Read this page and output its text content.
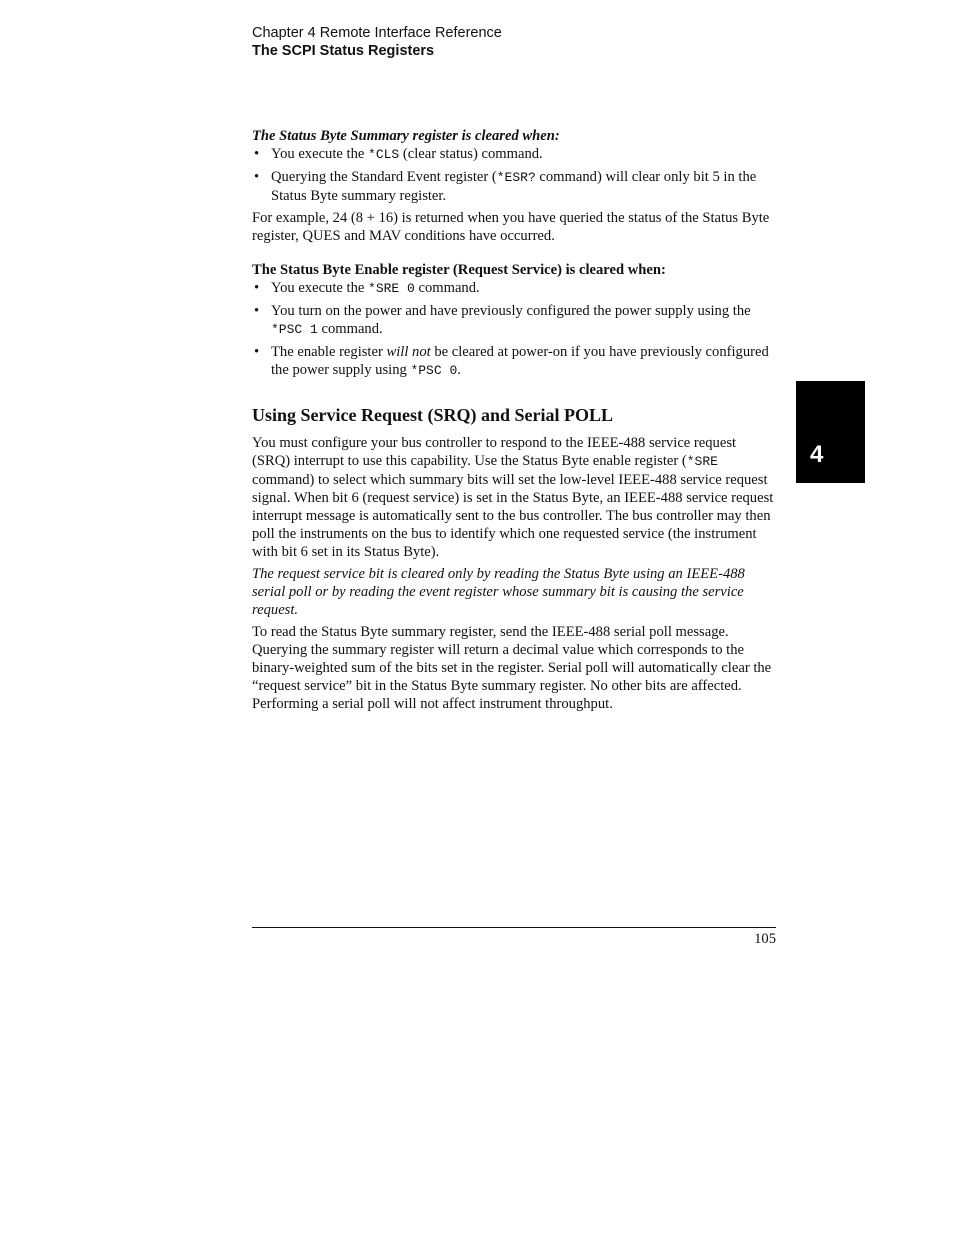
Chapter 4 Remote Interface Reference
The SCPI Status Registers

The Status Byte Summary register is cleared when:

• You execute the *CLS (clear status) command.
• Querying the Standard Event register (*ESR? command) will clear only bit 5 in the Status Byte summary register.

For example, 24 (8 + 16) is returned when you have queried the status of the Status Byte register, QUES and MAV conditions have occurred.

The Status Byte Enable register (Request Service) is cleared when:

• You execute the *SRE 0 command.
• You turn on the power and have previously configured the power supply using the *PSC 1 command.
• The enable register will not be cleared at power-on if you have previously configured the power supply using *PSC 0.
Using Service Request (SRQ) and Serial POLL

You must configure your bus controller to respond to the IEEE-488 service request (SRQ) interrupt to use this capability. Use the Status Byte enable register (*SRE command) to select which summary bits will set the low-level IEEE-488 service request signal. When bit 6 (request service) is set in the Status Byte, an IEEE-488 service request interrupt message is automatically sent to the bus controller. The bus controller may then poll the instruments on the bus to identify which one requested service (the instrument with bit 6 set in its Status Byte).

The request service bit is cleared only by reading the Status Byte using an IEEE-488 serial poll or by reading the event register whose summary bit is causing the service request.

To read the Status Byte summary register, send the IEEE-488 serial poll message. Querying the summary register will return a decimal value which corresponds to the binary-weighted sum of the bits set in the register. Serial poll will automatically clear the “request service” bit in the Status Byte summary register. No other bits are affected. Performing a serial poll will not affect instrument throughput.

105
4
